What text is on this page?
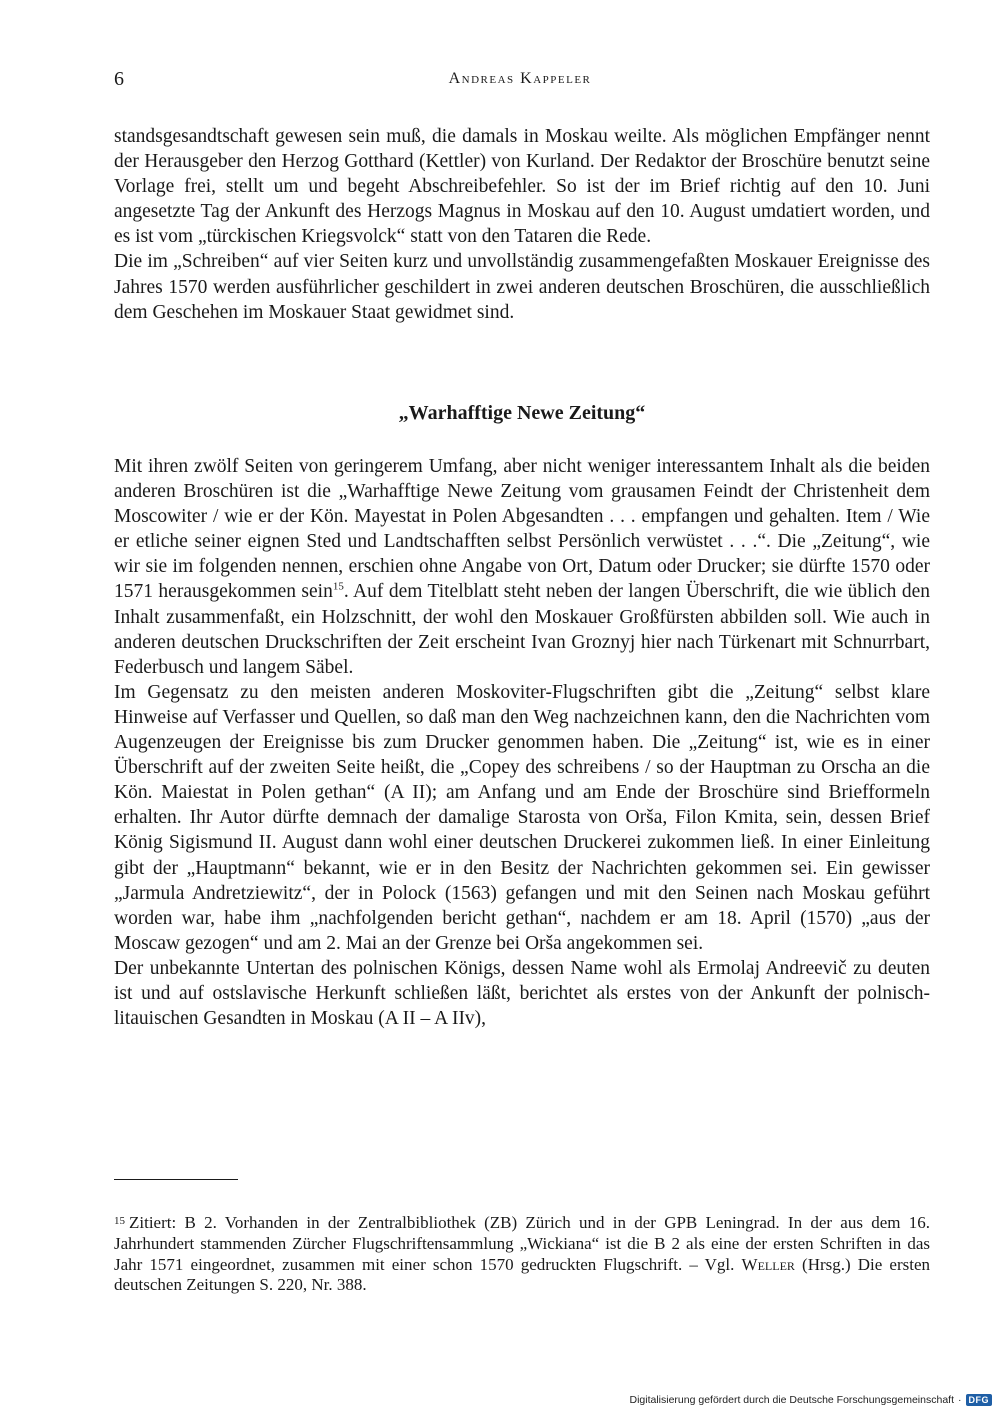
6	Andreas Kappeler

standsgesandtschaft gewesen sein muß, die damals in Moskau weilte. Als möglichen Empfänger nennt der Herausgeber den Herzog Gotthard (Kettler) von Kurland. Der Redaktor der Broschüre benutzt seine Vorlage frei, stellt um und begeht Abschreibefehler. So ist der im Brief richtig auf den 10. Juni angesetzte Tag der Ankunft des Herzogs Magnus in Moskau auf den 10. August umdatiert worden, und es ist vom „türckischen Kriegsvolck“ statt von den Tataren die Rede.

Die im „Schreiben“ auf vier Seiten kurz und unvollständig zusammengefaßten Moskauer Ereignisse des Jahres 1570 werden ausführlicher geschildert in zwei anderen deutschen Broschüren, die ausschließlich dem Geschehen im Moskauer Staat gewidmet sind.

„Warhafftige Newe Zeitung“

Mit ihren zwölf Seiten von geringerem Umfang, aber nicht weniger interessantem Inhalt als die beiden anderen Broschüren ist die „Warhafftige Newe Zeitung vom grausamen Feindt der Christenheit dem Moscowiter / wie er der Kön. Mayestat in Polen Abgesandten . . . empfangen und gehalten. Item / Wie er etliche seiner eignen Sted und Landtschafften selbst Persönlich verwüstet . . .“. Die „Zeitung“, wie wir sie im folgenden nennen, erschien ohne Angabe von Ort, Datum oder Drucker; sie dürfte 1570 oder 1571 herausgekommen sein$^{15}$. Auf dem Titelblatt steht neben der langen Überschrift, die wie üblich den Inhalt zusammenfaßt, ein Holzschnitt, der wohl den Moskauer Großfürsten abbilden soll. Wie auch in anderen deutschen Druckschriften der Zeit erscheint Ivan Groznyj hier nach Türkenart mit Schnurrbart, Federbusch und langem Säbel.

Im Gegensatz zu den meisten anderen Moskoviter-Flugschriften gibt die „Zeitung“ selbst klare Hinweise auf Verfasser und Quellen, so daß man den Weg nachzeichnen kann, den die Nachrichten vom Augenzeugen der Ereignisse bis zum Drucker genommen haben. Die „Zeitung“ ist, wie es in einer Überschrift auf der zweiten Seite heißt, die „Copey des schreibens / so der Hauptman zu Orscha an die Kön. Maiestat in Polen gethan“ (A II); am Anfang und am Ende der Broschüre sind Briefformeln erhalten. Ihr Autor dürfte demnach der damalige Starosta von Orša, Filon Kmita, sein, dessen Brief König Sigismund II. August dann wohl einer deutschen Druckerei zukommen ließ. In einer Einleitung gibt der „Hauptmann“ bekannt, wie er in den Besitz der Nachrichten gekommen sei. Ein gewisser „Jarmula Andretziewitz“, der in Polock (1563) gefangen und mit den Seinen nach Moskau geführt worden war, habe ihm „nachfolgenden bericht gethan“, nachdem er am 18. April (1570) „aus der Moscaw gezogen“ und am 2. Mai an der Grenze bei Orša angekommen sei.

Der unbekannte Untertan des polnischen Königs, dessen Name wohl als Ermolaj Andreevič zu deuten ist und auf ostslavische Herkunft schließen läßt, berichtet als erstes von der Ankunft der polnisch-litauischen Gesandten in Moskau (A II – A IIv),

$^{15}$ Zitiert: B 2. Vorhanden in der Zentralbibliothek (ZB) Zürich und in der GPB Leningrad. In der aus dem 16. Jahrhundert stammenden Zürcher Flugschriftensammlung „Wickiana“ ist die B 2 als eine der ersten Schriften in das Jahr 1571 eingeordnet, zusammen mit einer schon 1570 gedruckten Flugschrift. – Vgl. Weller (Hrsg.) Die ersten deutschen Zeitungen S. 220, Nr. 388.

Digitalisierung gefördert durch die Deutsche Forschungsgemeinschaft · DFG
